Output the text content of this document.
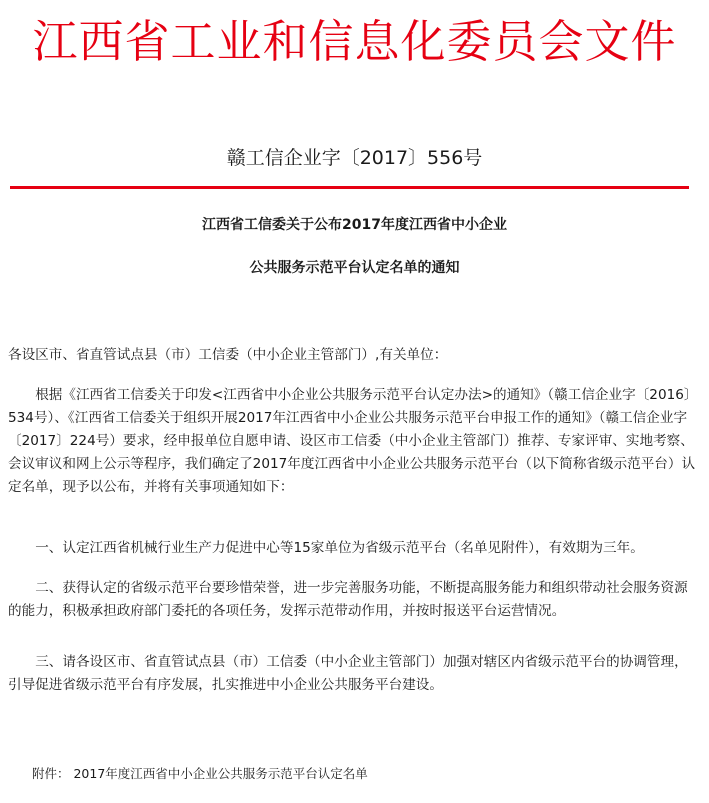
江西省工业和信息化委员会文件
赣工信企业字〔2017〕556号
江西省工信委关于公布2017年度江西省中小企业
公共服务示范平台认定名单的通知

各设区市、省直管试点县（市）工信委（中小企业主管部门）,有关单位：

根据《江西省工信委关于印发<江西省中小企业公共服务示范平台认定办法>的通知》（赣工信企业字〔2016〕534号）、《江西省工信委关于组织开展2017年江西省中小企业公共服务示范平台申报工作的通知》（赣工信企业字〔2017〕224号）要求，经申报单位自愿申请、设区市工信委（中小企业主管部门）推荐、专家评审、实地考察、会议审议和网上公示等程序，我们确定了2017年度江西省中小企业公共服务示范平台（以下简称省级示范平台）认定名单，现予以公布，并将有关事项通知如下：

一、认定江西省机械行业生产力促进中心等15家单位为省级示范平台（名单见附件），有效期为三年。

二、获得认定的省级示范平台要珍惜荣誉，进一步完善服务功能，不断提高服务能力和组织带动社会服务资源的能力，积极承担政府部门委托的各项任务，发挥示范带动作用，并按时报送平台运营情况。

三、请各设区市、省直管试点县（市）工信委（中小企业主管部门）加强对辖区内省级示范平台的协调管理，引导促进省级示范平台有序发展，扎实推进中小企业公共服务平台建设。

附件： 2017年度江西省中小企业公共服务示范平台认定名单
